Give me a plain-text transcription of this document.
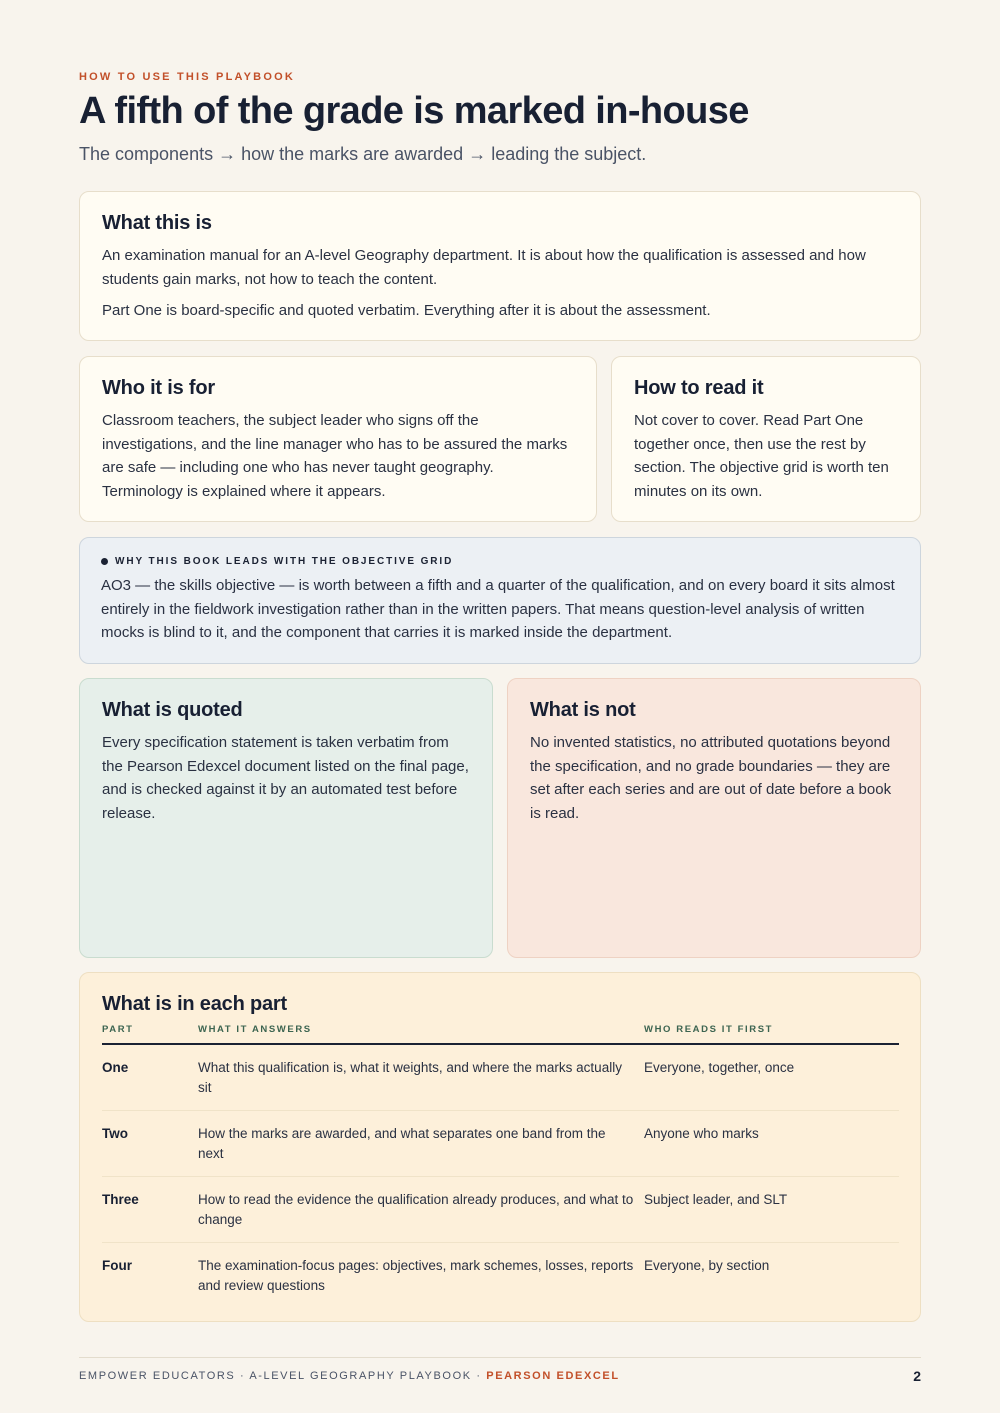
HOW TO USE THIS PLAYBOOK
A fifth of the grade is marked in-house
The components → how the marks are awarded → leading the subject.
What this is

An examination manual for an A-level Geography department. It is about how the qualification is assessed and how students gain marks, not how to teach the content.

Part One is board-specific and quoted verbatim. Everything after it is about the assessment.

Who it is for

Classroom teachers, the subject leader who signs off the investigations, and the line manager who has to be assured the marks are safe — including one who has never taught geography. Terminology is explained where it appears.

How to read it

Not cover to cover. Read Part One together once, then use the rest by section. The objective grid is worth ten minutes on its own.

WHY THIS BOOK LEADS WITH THE OBJECTIVE GRID

AO3 — the skills objective — is worth between a fifth and a quarter of the qualification, and on every board it sits almost entirely in the fieldwork investigation rather than in the written papers. That means question-level analysis of written mocks is blind to it, and the component that carries it is marked inside the department.

What is quoted

Every specification statement is taken verbatim from the Pearson Edexcel document listed on the final page, and is checked against it by an automated test before release.

What is not

No invented statistics, no attributed quotations beyond the specification, and no grade boundaries — they are set after each series and are out of date before a book is read.

What is in each part
PART	WHAT IT ANSWERS	WHO READS IT FIRST
One	What this qualification is, what it weights, and where the marks actually sit	Everyone, together, once
Two	How the marks are awarded, and what separates one band from the next	Anyone who marks
Three	How to read the evidence the qualification already produces, and what to change	Subject leader, and SLT
Four	The examination-focus pages: objectives, mark schemes, losses, reports and review questions	Everyone, by section
EMPOWER EDUCATORS · A-LEVEL GEOGRAPHY PLAYBOOK · PEARSON EDEXCEL	2
